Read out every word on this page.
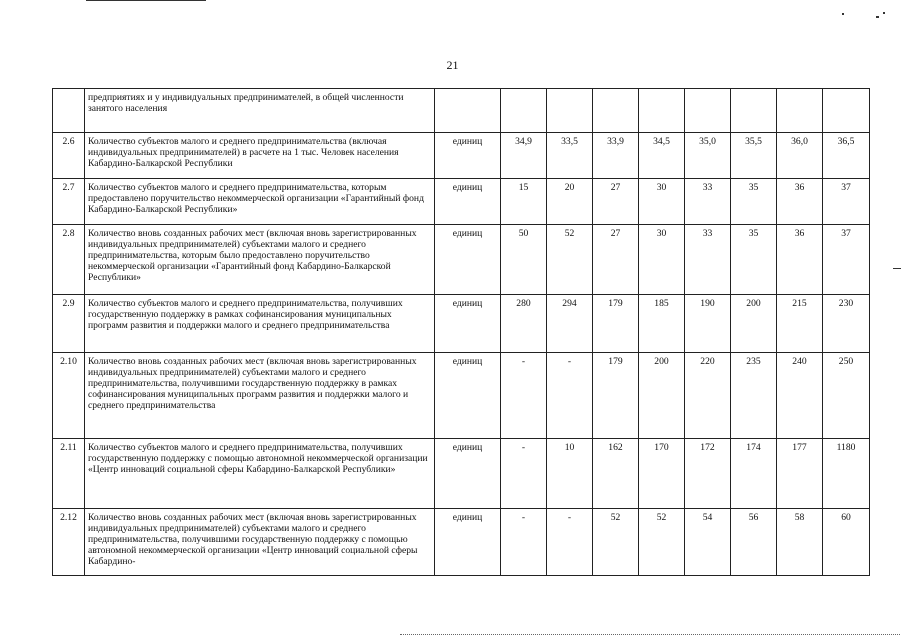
21
	предприятиях и у индивидуальных предпринимателей, в общей численности занятого населения									
2.6	Количество субъектов малого и среднего предпринимательства (включая индивидуальных предпринимателей) в расчете на 1 тыс. Человек населения Кабардино-Балкарской Республики	единиц	34,9	33,5	33,9	34,5	35,0	35,5	36,0	36,5
2.7	Количество субъектов малого и среднего предпринимательства, которым предоставлено поручительство некоммерческой организации «Гарантийный фонд Кабардино-Балкарской Республики»	единиц	15	20	27	30	33	35	36	37
2.8	Количество вновь созданных рабочих мест (включая вновь зарегистрированных индивидуальных предпринимателей) субъектами малого и среднего предпринимательства, которым было предоставлено поручительство некоммерческой организации «Гарантийный фонд Кабардино-Балкарской Республики»	единиц	50	52	27	30	33	35	36	37
2.9	Количество субъектов малого и среднего предпринимательства, получивших государственную поддержку в рамках софинансирования муниципальных программ развития и поддержки малого и среднего предпринимательства	единиц	280	294	179	185	190	200	215	230
2.10	Количество вновь созданных рабочих мест (включая вновь зарегистрированных индивидуальных предпринимателей) субъектами малого и среднего предпринимательства, получившими государственную поддержку в рамках софинансирования муниципальных программ развития и поддержки малого и среднего предпринимательства	единиц	-	-	179	200	220	235	240	250
2.11	Количество субъектов малого и среднего предпринимательства, получивших государственную поддержку с помощью автономной некоммерческой организации «Центр инноваций социальной сферы Кабардино-Балкарской Республики»	единиц	-	10	162	170	172	174	177	1180
2.12	Количество вновь созданных рабочих мест (включая вновь зарегистрированных индивидуальных предпринимателей) субъектами малого и среднего предпринимательства, получившими государственную поддержку с помощью автономной некоммерческой организации «Центр инноваций социальной сферы Кабардино-	единиц	-	-	52	52	54	56	58	60
